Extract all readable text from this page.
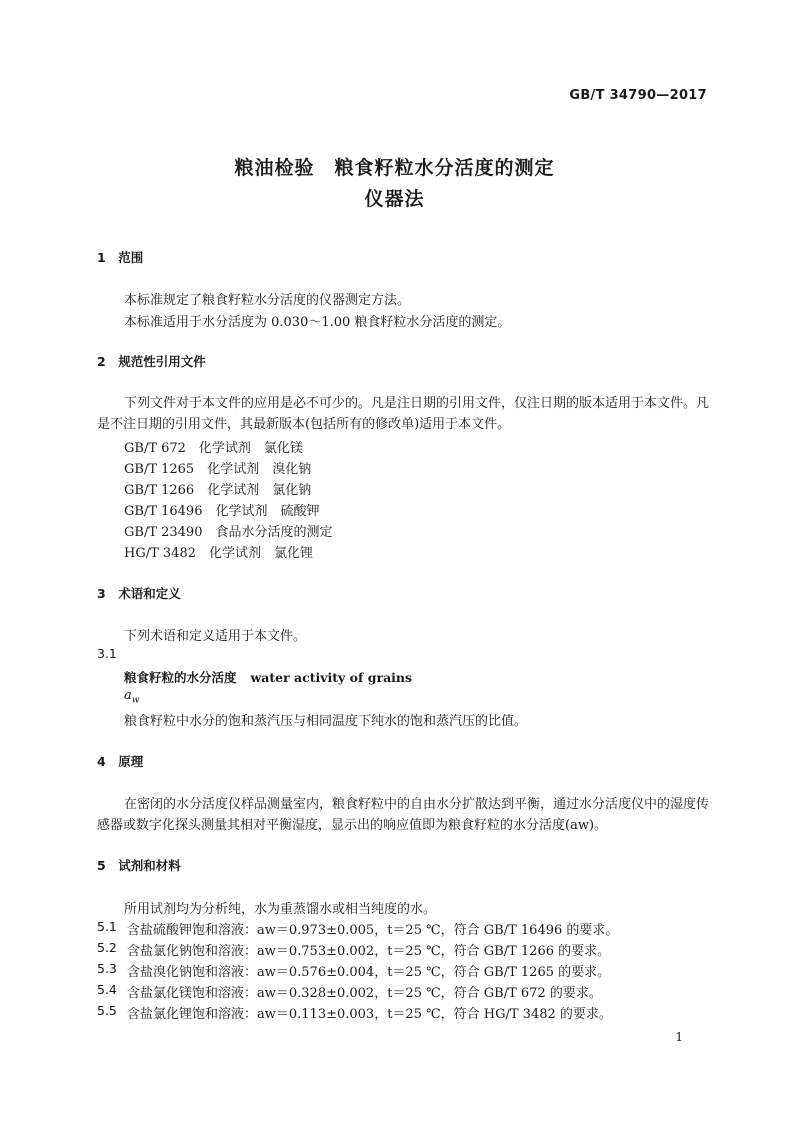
GB/T 34790—2017
粮油检验　粮食籽粒水分活度的测定
仪器法
1　范围
本标准规定了粮食籽粒水分活度的仪器测定方法。
本标准适用于水分活度为 0.030～1.00 粮食籽粒水分活度的测定。
2　规范性引用文件
下列文件对于本文件的应用是必不可少的。凡是注日期的引用文件，仅注日期的版本适用于本文件。凡是不注日期的引用文件，其最新版本(包括所有的修改单)适用于本文件。
GB/T 672　化学试剂　氯化镁
GB/T 1265　化学试剂　溴化钠
GB/T 1266　化学试剂　氯化钠
GB/T 16496　化学试剂　硫酸钾
GB/T 23490　食品水分活度的测定
HG/T 3482　化学试剂　氯化锂
3　术语和定义
下列术语和定义适用于本文件。
3.1
粮食籽粒的水分活度 water activity of grains
$a_w$
粮食籽粒中水分的饱和蒸汽压与相同温度下纯水的饱和蒸汽压的比值。
4　原理
在密闭的水分活度仪样品测量室内，粮食籽粒中的自由水分扩散达到平衡，通过水分活度仪中的湿度传感器或数字化探头测量其相对平衡湿度，显示出的响应值即为粮食籽粒的水分活度(aw)。
5　试剂和材料
所用试剂均为分析纯，水为重蒸馏水或相当纯度的水。
5.1 含盐硫酸钾饱和溶液：aw＝0.973±0.005，t＝25 ℃，符合 GB/T 16496 的要求。
5.2 含盐氯化钠饱和溶液：aw＝0.753±0.002，t＝25 ℃，符合 GB/T 1266 的要求。
5.3 含盐溴化钠饱和溶液：aw＝0.576±0.004，t＝25 ℃，符合 GB/T 1265 的要求。
5.4 含盐氯化镁饱和溶液：aw＝0.328±0.002，t＝25 ℃，符合 GB/T 672 的要求。
5.5 含盐氯化锂饱和溶液：aw＝0.113±0.003，t＝25 ℃，符合 HG/T 3482 的要求。
1
